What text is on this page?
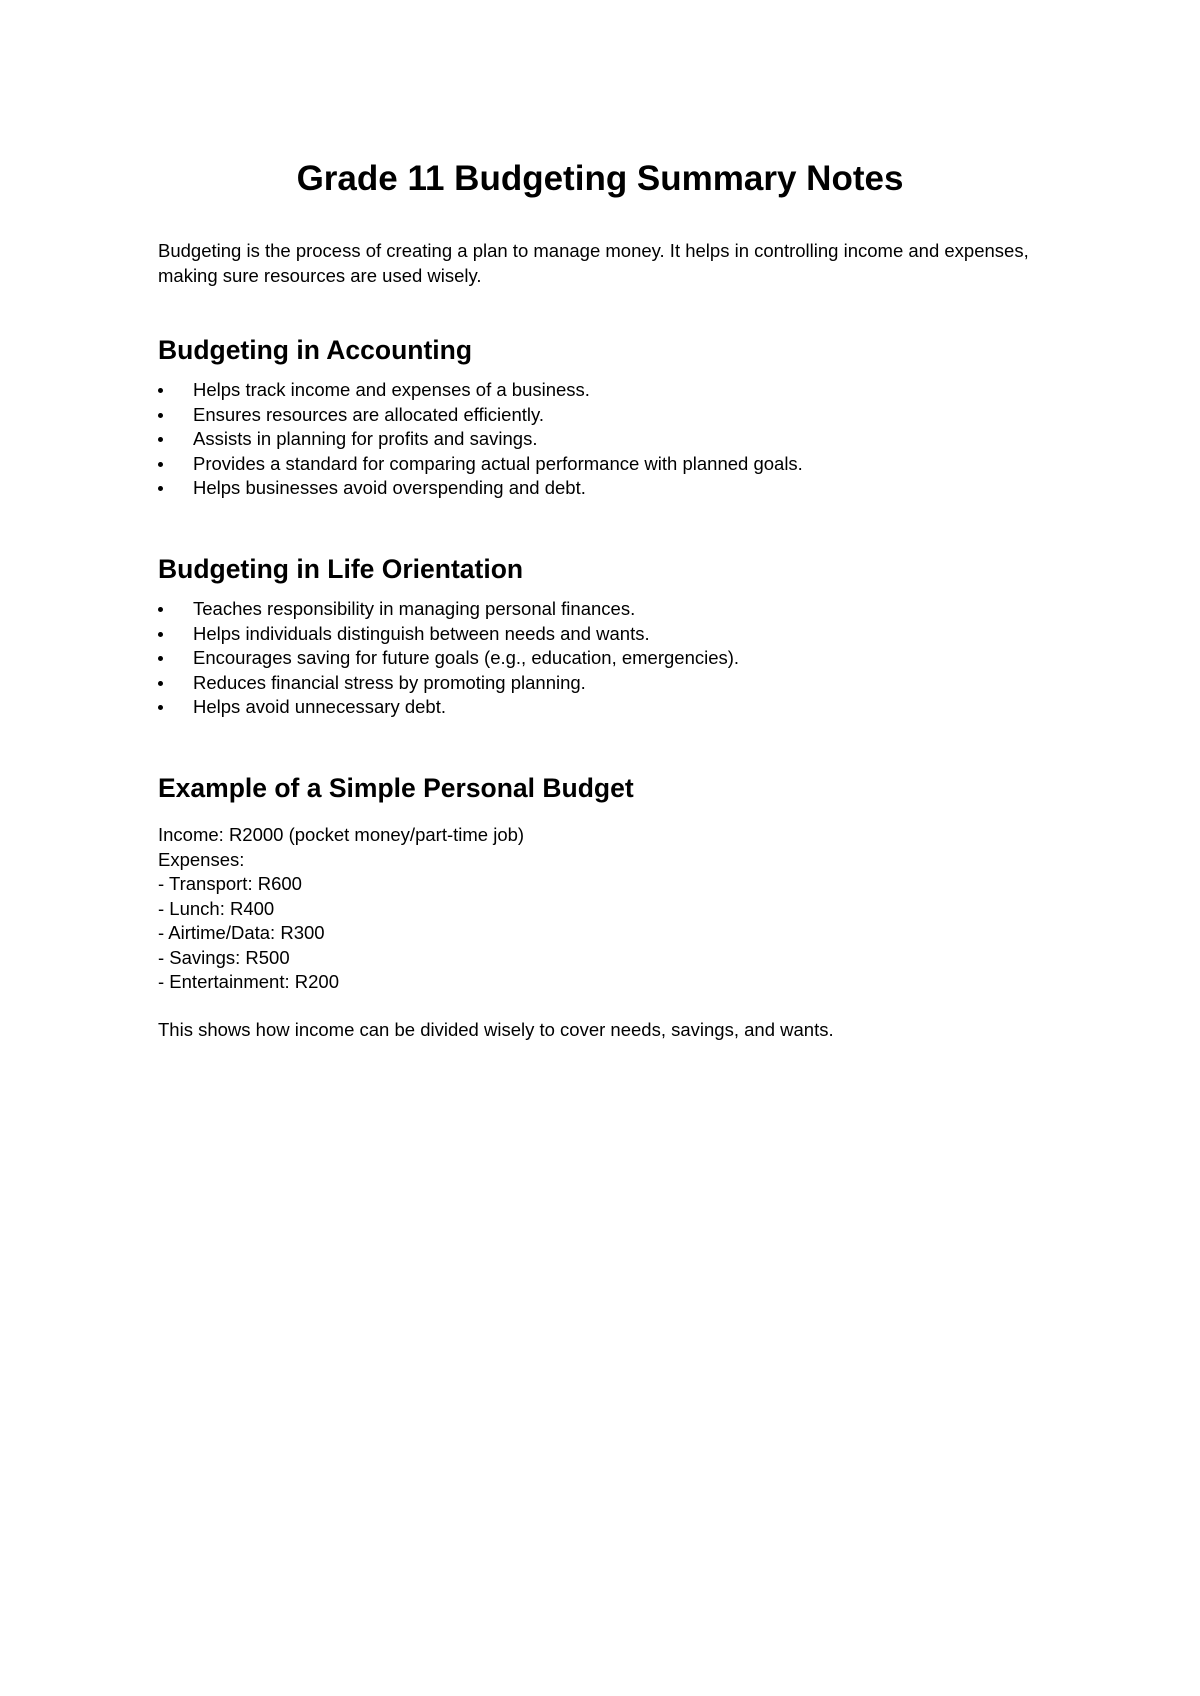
Grade 11 Budgeting Summary Notes

Budgeting is the process of creating a plan to manage money. It helps in controlling income and expenses, making sure resources are used wisely.

Budgeting in Accounting
Helps track income and expenses of a business.
Ensures resources are allocated efficiently.
Assists in planning for profits and savings.
Provides a standard for comparing actual performance with planned goals.
Helps businesses avoid overspending and debt.
Budgeting in Life Orientation
Teaches responsibility in managing personal finances.
Helps individuals distinguish between needs and wants.
Encourages saving for future goals (e.g., education, emergencies).
Reduces financial stress by promoting planning.
Helps avoid unnecessary debt.
Example of a Simple Personal Budget
Income: R2000 (pocket money/part-time job)
Expenses:
- Transport: R600
- Lunch: R400
- Airtime/Data: R300
- Savings: R500
- Entertainment: R200

This shows how income can be divided wisely to cover needs, savings, and wants.
